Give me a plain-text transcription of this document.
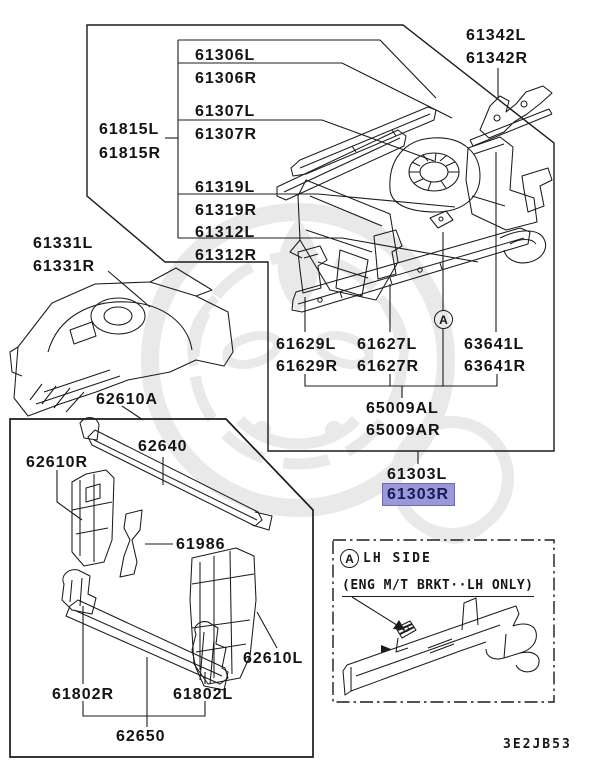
61306L
61306R
61307L
61307R
61319L
61319R
61312L
61312R
61815L
61815R
61342L
61342R
61331L
61331R
61629L
61629R
61627L
61627R
63641L
63641R
65009AL
65009AR
61303L
61303R
62610A
62640
62610R
61986
62610L
61802R	61802L
62650
A
A LH SIDE
(ENG M/T BRKT··LH ONLY)
3E2JB53
